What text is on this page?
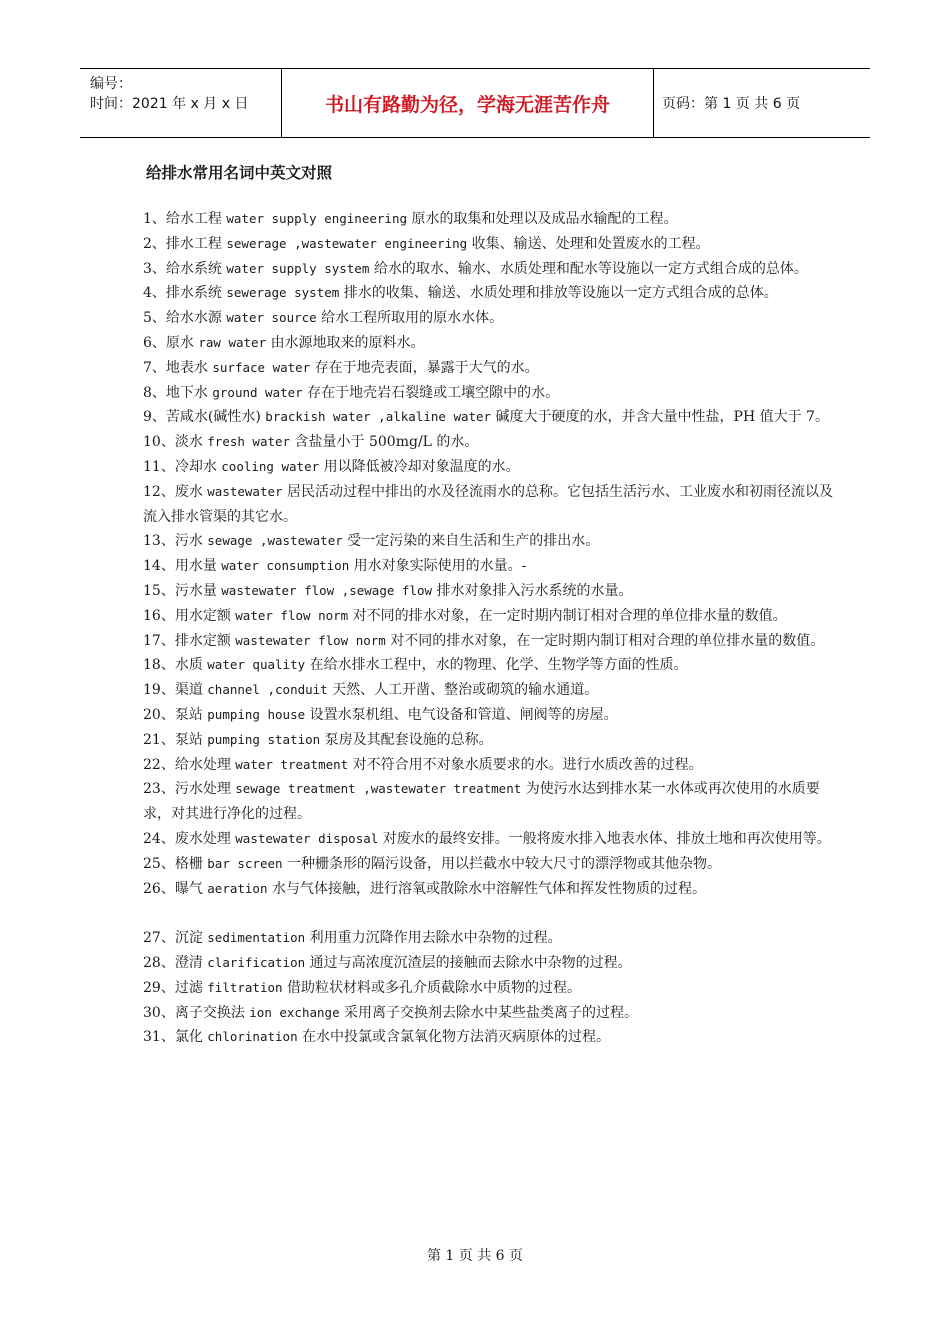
编号：
时间：2021 年 x 月 x 日	书山有路勤为径，学海无涯苦作舟	页码：第 1 页 共 6 页
给排水常用名词中英文对照

1、给水工程 water supply engineering 原水的取集和处理以及成品水输配的工程。

2、排水工程 sewerage ,wastewater engineering 收集、输送、处理和处置废水的工程。

3、给水系统 water supply system 给水的取水、输水、水质处理和配水等设施以一定方式组合成的总体。

4、排水系统 sewerage system 排水的收集、输送、水质处理和排放等设施以一定方式组合成的总体。

5、给水水源 water source 给水工程所取用的原水水体。

6、原水 raw water 由水源地取来的原料水。

7、地表水 surface water 存在于地壳表面，暴露于大气的水。

8、地下水 ground water 存在于地壳岩石裂缝或工壤空隙中的水。

9、苦咸水(碱性水) brackish water ,alkaline water 碱度大于硬度的水，并含大量中性盐，PH 值大于 7。

10、淡水 fresh water 含盐量小于 500mg/L 的水。

11、冷却水 cooling water 用以降低被冷却对象温度的水。

12、废水 wastewater 居民活动过程中排出的水及径流雨水的总称。它包括生活污水、工业废水和初雨径流以及流入排水管渠的其它水。

13、污水 sewage ,wastewater 受一定污染的来自生活和生产的排出水。

14、用水量 water consumption 用水对象实际使用的水量。-

15、污水量 wastewater flow ,sewage flow 排水对象排入污水系统的水量。

16、用水定额 water flow norm 对不同的排水对象，在一定时期内制订相对合理的单位排水量的数值。

17、排水定额 wastewater flow norm 对不同的排水对象，在一定时期内制订相对合理的单位排水量的数值。

18、水质 water quality 在给水排水工程中，水的物理、化学、生物学等方面的性质。

19、渠道 channel ,conduit 天然、人工开凿、整治或砌筑的输水通道。

20、泵站 pumping house 设置水泵机组、电气设备和管道、闸阀等的房屋。

21、泵站 pumping station 泵房及其配套设施的总称。

22、给水处理 water treatment 对不符合用不对象水质要求的水。进行水质改善的过程。

23、污水处理 sewage treatment ,wastewater treatment 为使污水达到排水某一水体或再次使用的水质要求，对其进行净化的过程。

24、废水处理 wastewater disposal 对废水的最终安排。一般将废水排入地表水体、排放土地和再次使用等。

25、格栅 bar screen 一种栅条形的隔污设备，用以拦截水中较大尺寸的漂浮物或其他杂物。

26、曝气 aeration 水与气体接触，进行溶氧或散除水中溶解性气体和挥发性物质的过程。

27、沉淀 sedimentation 利用重力沉降作用去除水中杂物的过程。

28、澄清 clarification 通过与高浓度沉渣层的接触而去除水中杂物的过程。

29、过滤 filtration 借助粒状材料或多孔介质截除水中质物的过程。

30、离子交换法 ion exchange 采用离子交换剂去除水中某些盐类离子的过程。

31、氯化 chlorination 在水中投氯或含氯氧化物方法消灭病原体的过程。

第 1 页 共 6 页
